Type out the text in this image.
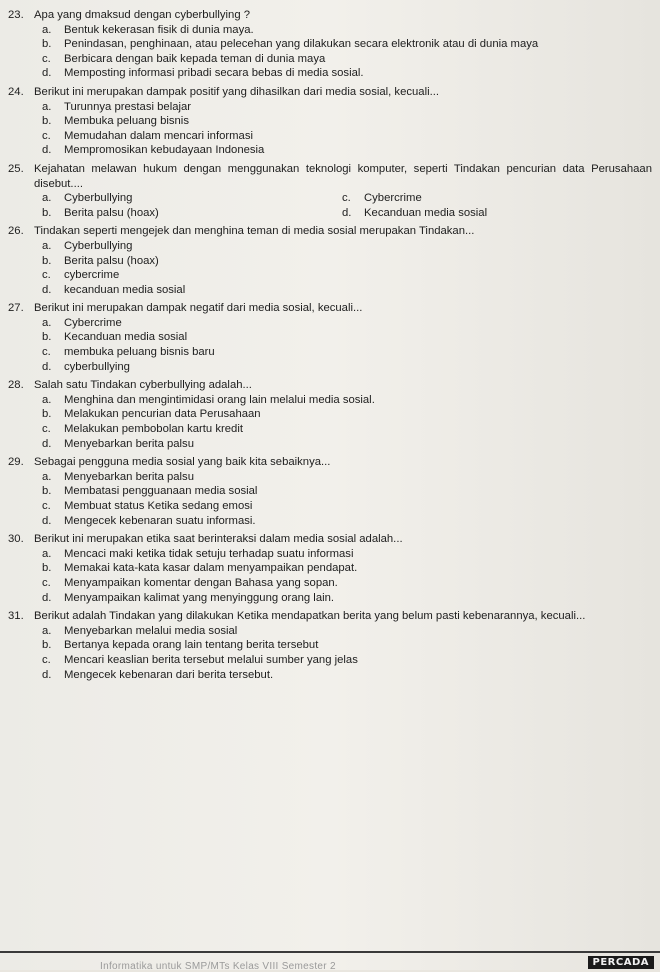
23. Apa yang dmaksud dengan cyberbullying ?
a.	Bentuk kekerasan fisik di dunia maya.
b.	Penindasan, penghinaan, atau pelecehan yang dilakukan secara elektronik atau di dunia maya
c.	Berbicara dengan baik kepada teman di dunia maya
d.	Memposting informasi pribadi secara bebas di media sosial.
24. Berikut ini merupakan dampak positif yang dihasilkan dari media sosial, kecuali...
a.	Turunnya prestasi belajar
b.	Membuka peluang bisnis
c.	Memudahan dalam mencari informasi
d.	Mempromosikan kebudayaan Indonesia
25. Kejahatan melawan hukum dengan menggunakan teknologi komputer, seperti Tindakan pencurian data Perusahaan disebut....
a.	Cyberbullying	c.	Cybercrime
b.	Berita palsu (hoax)	d.	Kecanduan media sosial
26. Tindakan seperti mengejek dan menghina teman di media sosial merupakan Tindakan...
a.	Cyberbullying
b.	Berita palsu (hoax)
c.	cybercrime
d.	kecanduan media sosial
27. Berikut ini merupakan dampak negatif dari media sosial, kecuali...
a.	Cybercrime
b.	Kecanduan media sosial
c.	membuka peluang bisnis baru
d.	cyberbullying
28. Salah satu Tindakan cyberbullying adalah...
a.	Menghina dan mengintimidasi orang lain melalui media sosial.
b.	Melakukan pencurian data Perusahaan
c.	Melakukan pembobolan kartu kredit
d.	Menyebarkan berita palsu
29. Sebagai pengguna media sosial yang baik kita sebaiknya...
a.	Menyebarkan berita palsu
b.	Membatasi pengguanaan media sosial
c.	Membuat status Ketika sedang emosi
d.	Mengecek kebenaran suatu informasi.
30. Berikut ini merupakan etika saat berinteraksi dalam media sosial adalah...
a.	Mencaci maki ketika tidak setuju terhadap suatu informasi
b.	Memakai kata-kata kasar dalam menyampaikan pendapat.
c.	Menyampaikan komentar dengan Bahasa yang sopan.
d.	Menyampaikan kalimat yang menyinggung orang lain.
31. Berikut adalah Tindakan yang dilakukan Ketika mendapatkan berita yang belum pasti kebenarannya, kecuali...
a.	Menyebarkan melalui media sosial
b.	Bertanya kepada orang lain tentang berita tersebut
c.	Mencari keaslian berita tersebut melalui sumber yang jelas
d.	Mengecek kebenaran dari berita tersebut.
Informatika untuk SMP/MTs Kelas VIII Semester 2	PERCADA
